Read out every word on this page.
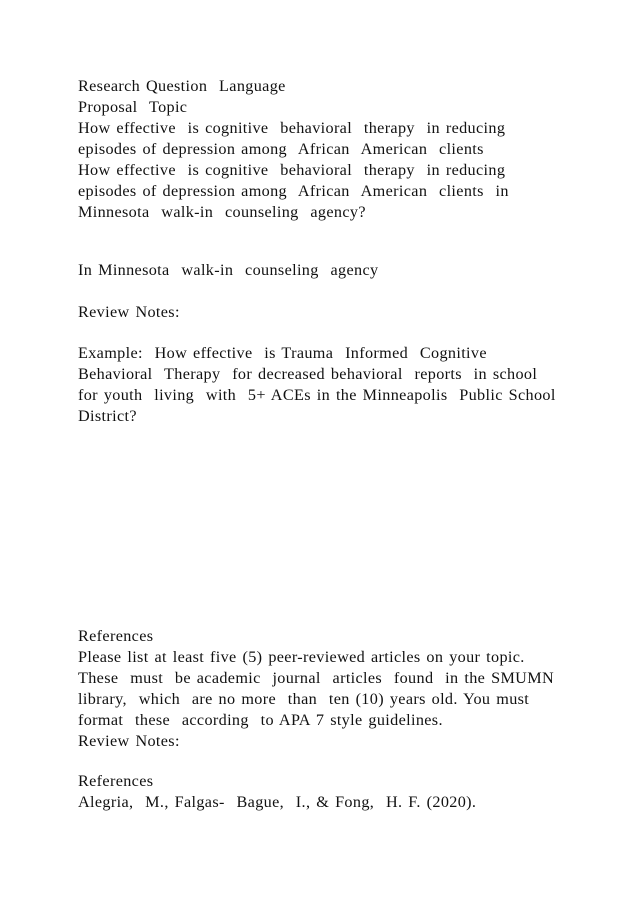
Research Question  Language
Proposal  Topic
How effective  is cognitive  behavioral  therapy  in reducing
episodes of depression among  African  American  clients
How effective  is cognitive  behavioral  therapy  in reducing
episodes of depression among  African  American  clients  in
Minnesota  walk-in  counseling  agency?
In Minnesota  walk-in  counseling  agency
Review Notes:
Example:  How effective  is Trauma  Informed  Cognitive
Behavioral  Therapy  for decreased behavioral  reports  in school
for youth  living  with  5+ ACEs in the Minneapolis  Public School
District?
References
Please list at least five (5) peer-reviewed articles on your topic.
These  must  be academic  journal  articles  found  in the SMUMN
library,  which  are no more  than  ten (10) years old. You must
format  these  according  to APA 7 style guidelines.
Review Notes:
References
Alegria,  M., Falgas-  Bague,  I., & Fong,  H. F. (2020).
